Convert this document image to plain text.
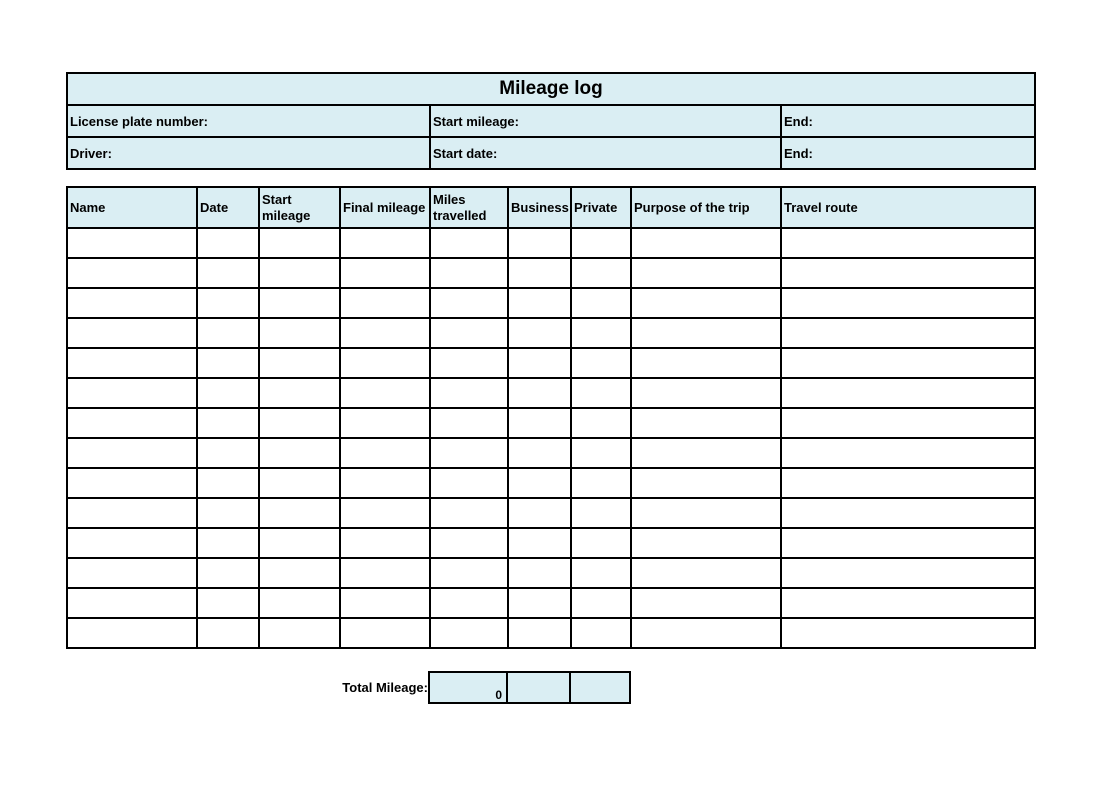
Mileage log		
License plate number:	Start mileage:	End:
Driver:	Start date:	End:
Name	Date	Start mileage	Final mileage	Miles travelled	Business	Private	Purpose of the trip	Travel route

Total Mileage:	0		
